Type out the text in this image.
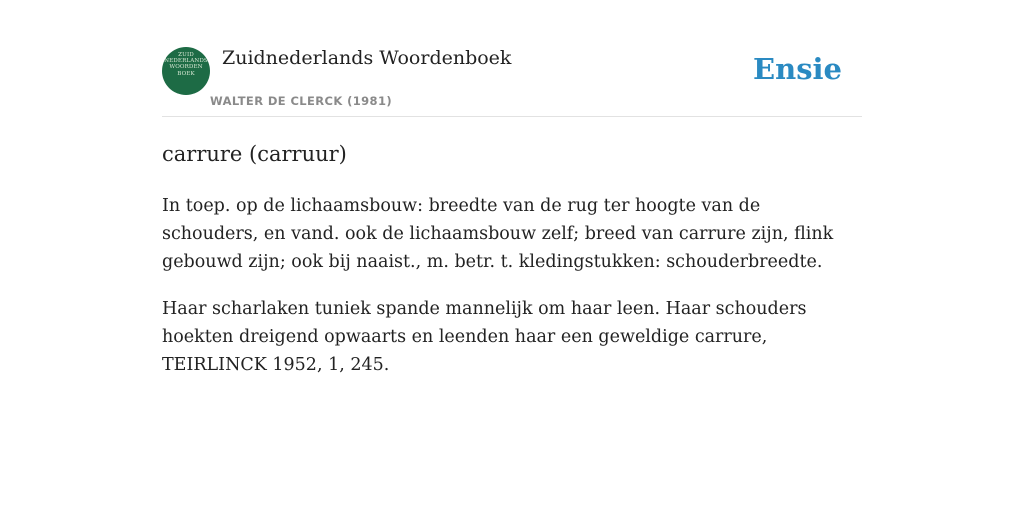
ZUID
NEDERLANDS
WOORDEN
BOEK
Zuidnederlands Woordenboek
WALTER DE CLERCK (1981)
Ensie
carrure (carruur)

In toep. op de lichaamsbouw: breedte van de rug ter hoogte van de schouders, en vand. ook de lichaamsbouw zelf; breed van carrure zijn, flink gebouwd zijn; ook bij naaist., m. betr. t. kledingstukken: schouderbreedte.

Haar scharlaken tuniek spande mannelijk om haar leen. Haar schouders hoekten dreigend opwaarts en leenden haar een geweldige carrure, TEIRLINCK 1952, 1, 245.
